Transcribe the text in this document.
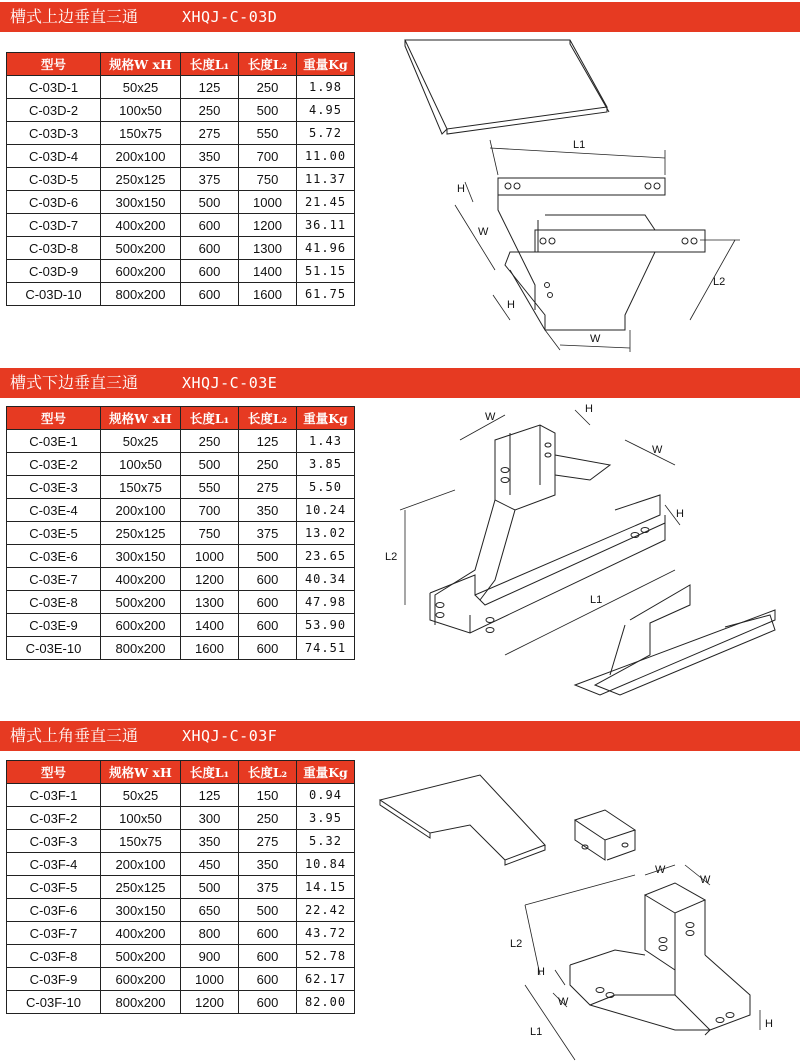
槽式上边垂直三通

	XHQJ-C-03D

型号	规格W xH	长度L₁	长度L₂	重量Kg
C-03D-1	50x25	125	250	1.98
C-03D-2	100x50	250	500	4.95
C-03D-3	150x75	275	550	5.72
C-03D-4	200x100	350	700	11.00
C-03D-5	250x125	375	750	11.37
C-03D-6	300x150	500	1000	21.45
C-03D-7	400x200	600	1200	36.11
C-03D-8	500x200	600	1300	41.96
C-03D-9	600x200	600	1400	51.15
C-03D-10	800x200	600	1600	61.75
L1
H
W
L2
H
W

槽式下边垂直三通

	XHQJ-C-03E

型号	规格W xH	长度L₁	长度L₂	重量Kg
C-03E-1	50x25	250	125	1.43
C-03E-2	100x50	500	250	3.85
C-03E-3	150x75	550	275	5.50
C-03E-4	200x100	700	350	10.24
C-03E-5	250x125	750	375	13.02
C-03E-6	300x150	1000	500	23.65
C-03E-7	400x200	1200	600	40.34
C-03E-8	500x200	1300	600	47.98
C-03E-9	600x200	1400	600	53.90
C-03E-10	800x200	1600	600	74.51
W
H
W
H
L2
L1

槽式上角垂直三通

	XHQJ-C-03F

型号	规格W xH	长度L₁	长度L₂	重量Kg
C-03F-1	50x25	125	150	0.94
C-03F-2	100x50	300	250	3.95
C-03F-3	150x75	350	275	5.32
C-03F-4	200x100	450	350	10.84
C-03F-5	250x125	500	375	14.15
C-03F-6	300x150	650	500	22.42
C-03F-7	400x200	800	600	43.72
C-03F-8	500x200	900	600	52.78
C-03F-9	600x200	1000	600	62.17
C-03F-10	800x200	1200	600	82.00
W
W
L2
H
W
L1
H
